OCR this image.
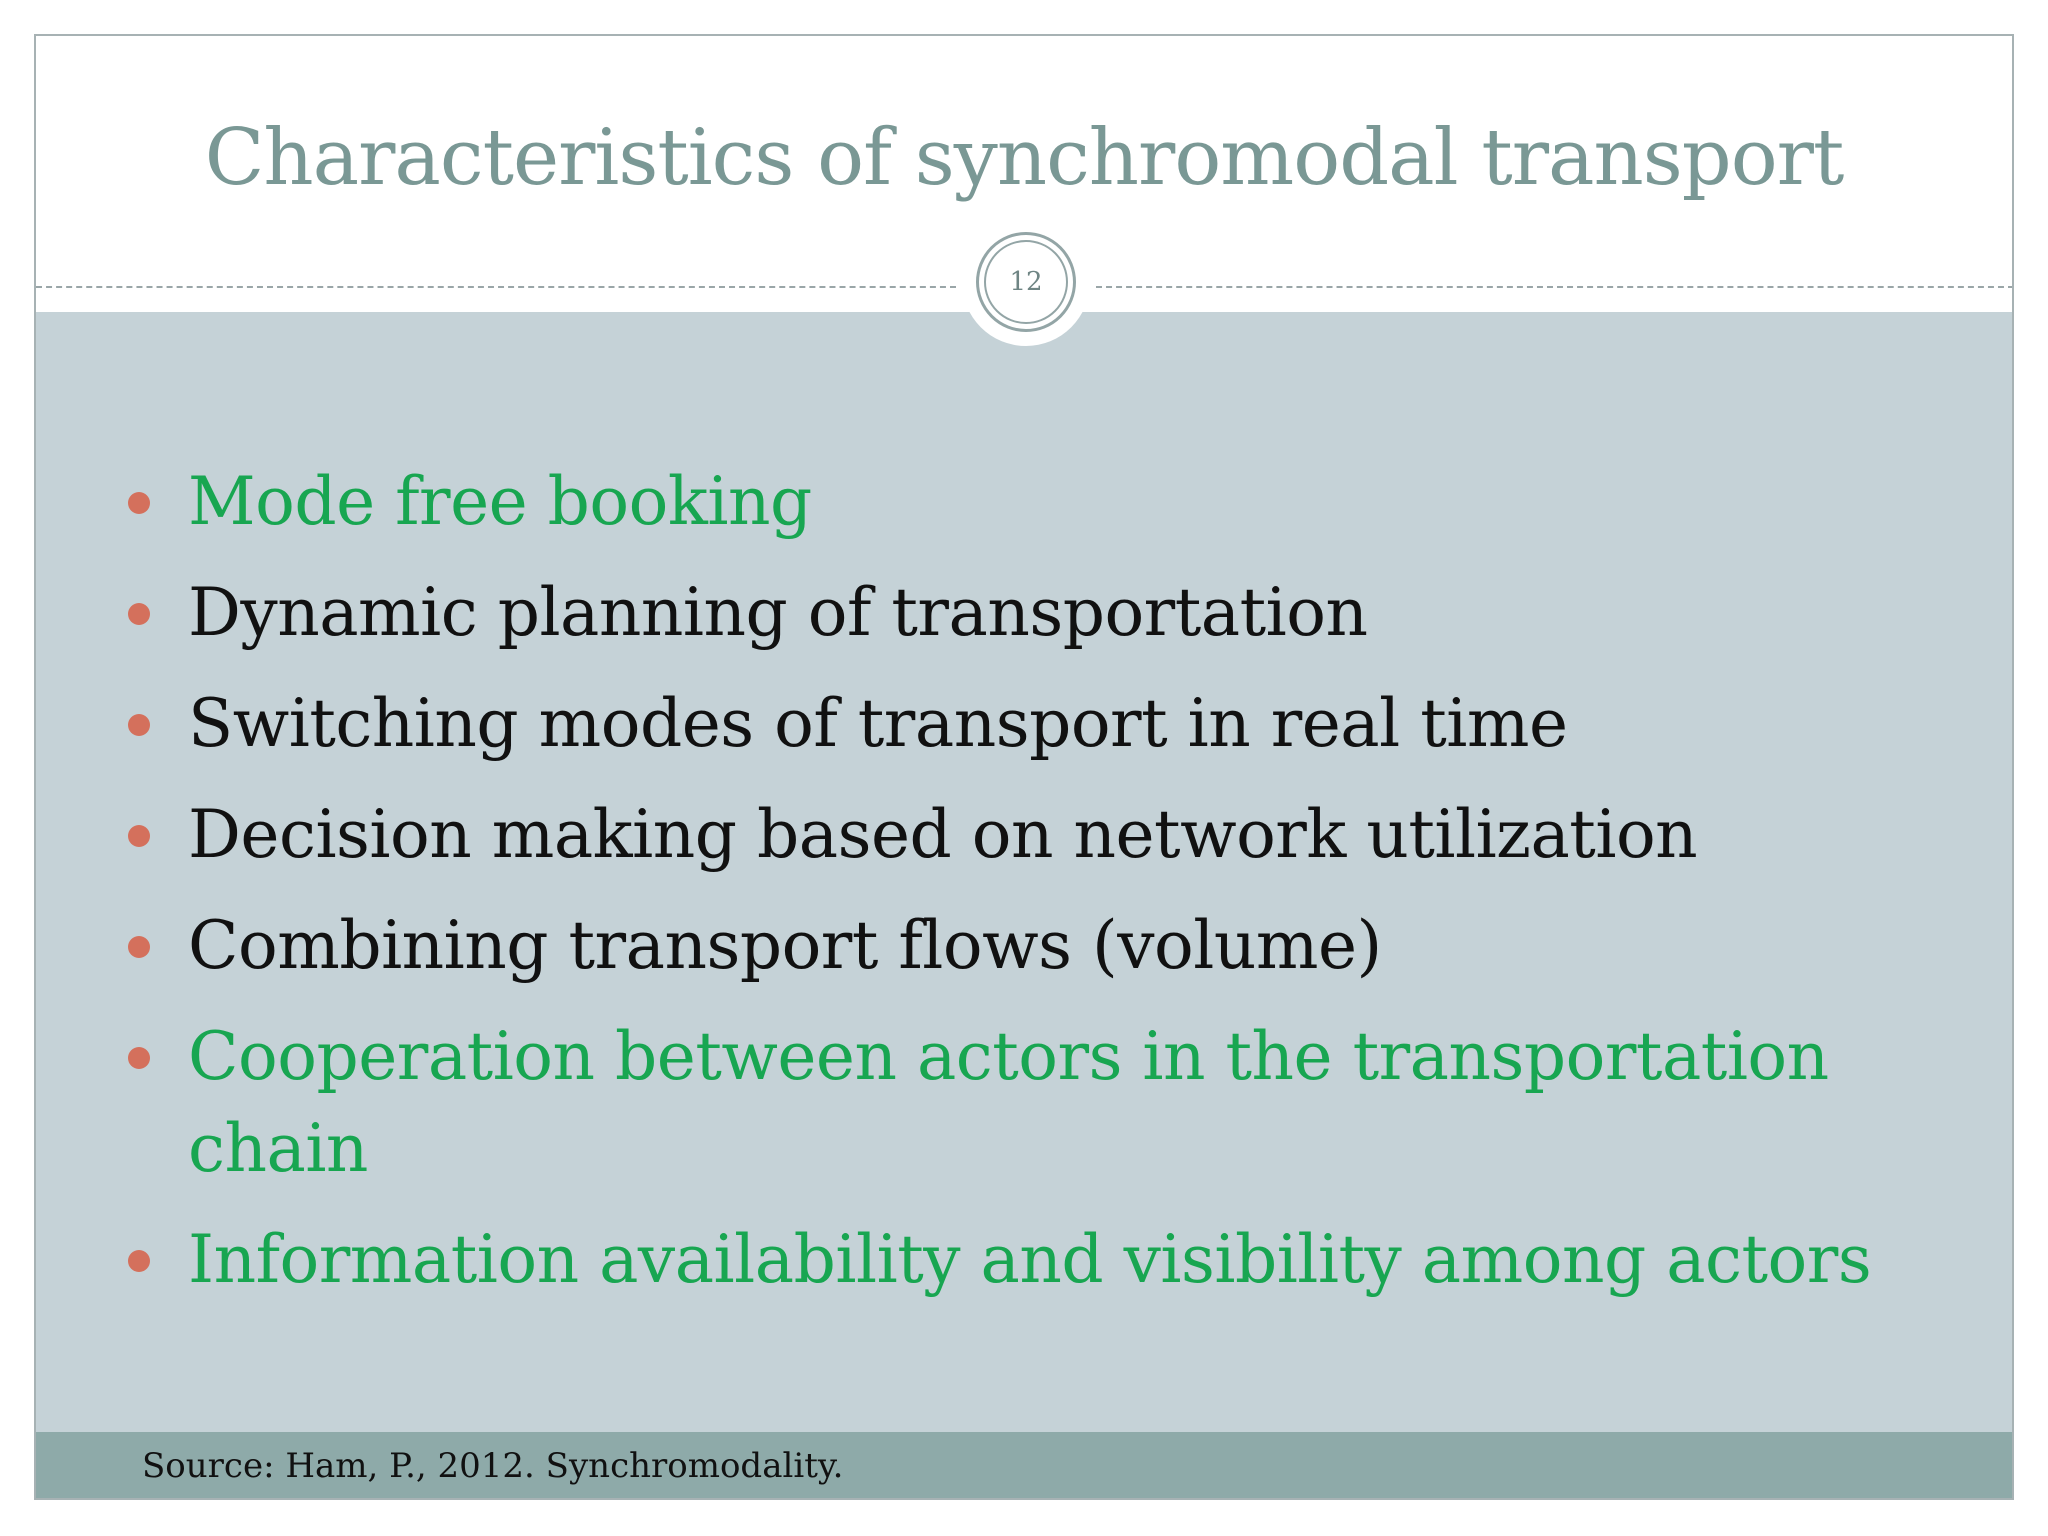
Characteristics of synchromodal transport
12
Mode free booking
Dynamic planning of transportation
Switching modes of transport in real time
Decision making based on network utilization
Combining transport flows (volume)
Cooperation between actors in the transportation chain
Information availability and visibility among actors
Source: Ham, P., 2012. Synchromodality.
